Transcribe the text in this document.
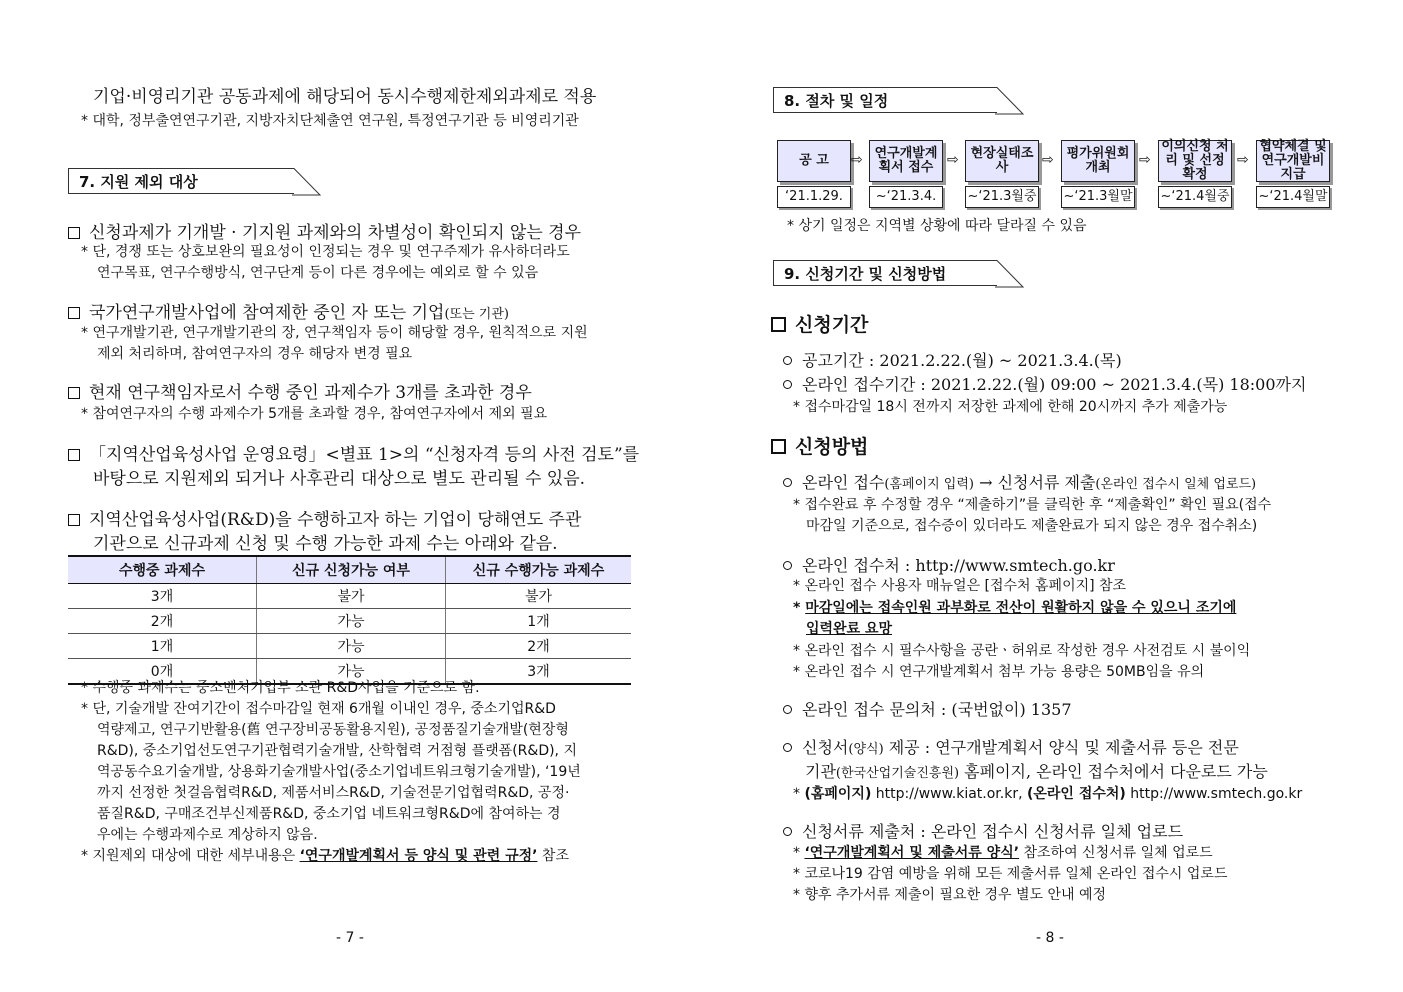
기업·비영리기관 공동과제에 해당되어 동시수행제한제외과제로 적용
* 대학, 정부출연연구기관, 지방자치단체출연 연구원, 특정연구기관 등 비영리기관
7. 지원 제외 대상
신청과제가 기개발 · 기지원 과제와의 차별성이 확인되지 않는 경우
* 단, 경쟁 또는 상호보완의 필요성이 인정되는 경우 및 연구주제가 유사하더라도
연구목표, 연구수행방식, 연구단계 등이 다른 경우에는 예외로 할 수 있음
국가연구개발사업에 참여제한 중인 자 또는 기업(또는 기관)
* 연구개발기관, 연구개발기관의 장, 연구책임자 등이 해당할 경우, 원칙적으로 지원
제외 처리하며, 참여연구자의 경우 해당자 변경 필요
현재 연구책임자로서 수행 중인 과제수가 3개를 초과한 경우
* 참여연구자의 수행 과제수가 5개를 초과할 경우, 참여연구자에서 제외 필요
「지역산업육성사업 운영요령」<별표 1>의 “신청자격 등의 사전 검토”를
바탕으로 지원제외 되거나 사후관리 대상으로 별도 관리될 수 있음.
지역산업육성사업(R&D)을 수행하고자 하는 기업이 당해연도 주관
기관으로 신규과제 신청 및 수행 가능한 과제 수는 아래와 같음.
수행중 과제수	신규 신청가능 여부	신규 수행가능 과제수
3개	불가	불가
2개	가능	1개
1개	가능	2개
0개	가능	3개
* 수행중 과제수는 중소벤처기업부 소관 R&D사업을 기준으로 함.
* 단, 기술개발 잔여기간이 접수마감일 현재 6개월 이내인 경우, 중소기업R&D
역량제고, 연구기반활용(舊 연구장비공동활용지원), 공정품질기술개발(현장형
R&D), 중소기업선도연구기관협력기술개발, 산학협력 거점형 플랫폼(R&D), 지
역공동수요기술개발, 상용화기술개발사업(중소기업네트워크형기술개발), ‘19년
까지 선정한 첫걸음협력R&D, 제품서비스R&D, 기술전문기업협력R&D, 공정·
품질R&D, 구매조건부신제품R&D, 중소기업 네트워크형R&D에 참여하는 경
우에는 수행과제수로 계상하지 않음.
* 지원제외 대상에 대한 세부내용은 ‘연구개발계획서 등 양식 및 관련 규정’ 참조
- 7 -
8. 절차 및 일정
공 고
‘21.1.29.
⇨ 연구개발계획서 접수
~‘21.3.4.
⇨ 현장실태조사
~‘21.3월중
⇨ 평가위원회개최
~‘21.3월말
⇨
이의신청 처리 및 선정 확정
~‘21.4월중
⇨
협약체결 및 연구개발비 지급
~‘21.4월말
* 상기 일정은 지역별 상황에 따라 달라질 수 있음
9. 신청기간 및 신청방법
신청기간
공고기간 : 2021.2.22.(월) ~ 2021.3.4.(목)
온라인 접수기간 : 2021.2.22.(월) 09:00 ~ 2021.3.4.(목) 18:00까지
* 접수마감일 18시 전까지 저장한 과제에 한해 20시까지 추가 제출가능
신청방법
온라인 접수(홈페이지 입력) → 신청서류 제출(온라인 접수시 일체 업로드)
* 접수완료 후 수정할 경우 “제출하기”를 클릭한 후 “제출확인” 확인 필요(접수
마감일 기준으로, 접수증이 있더라도 제출완료가 되지 않은 경우 접수취소)
온라인 접수처 : http://www.smtech.go.kr
* 온라인 접수 사용자 매뉴얼은 [접수처 홈페이지] 참조
* 마감일에는 접속인원 과부화로 전산이 원활하지 않을 수 있으니 조기에
입력완료 요망
* 온라인 접수 시 필수사항을 공란ㆍ허위로 작성한 경우 사전검토 시 불이익
* 온라인 접수 시 연구개발계획서 첨부 가능 용량은 50MB임을 유의
온라인 접수 문의처 : (국번없이) 1357
신청서(양식) 제공 : 연구개발계획서 양식 및 제출서류 등은 전문
기관(한국산업기술진흥원) 홈페이지, 온라인 접수처에서 다운로드 가능
* (홈페이지) http://www.kiat.or.kr, (온라인 접수처) http://www.smtech.go.kr
신청서류 제출처 : 온라인 접수시 신청서류 일체 업로드
* ‘연구개발계획서 및 제출서류 양식’ 참조하여 신청서류 일체 업로드
* 코로나19 감염 예방을 위해 모든 제출서류 일체 온라인 접수시 업로드
* 향후 추가서류 제출이 필요한 경우 별도 안내 예정
- 8 -
